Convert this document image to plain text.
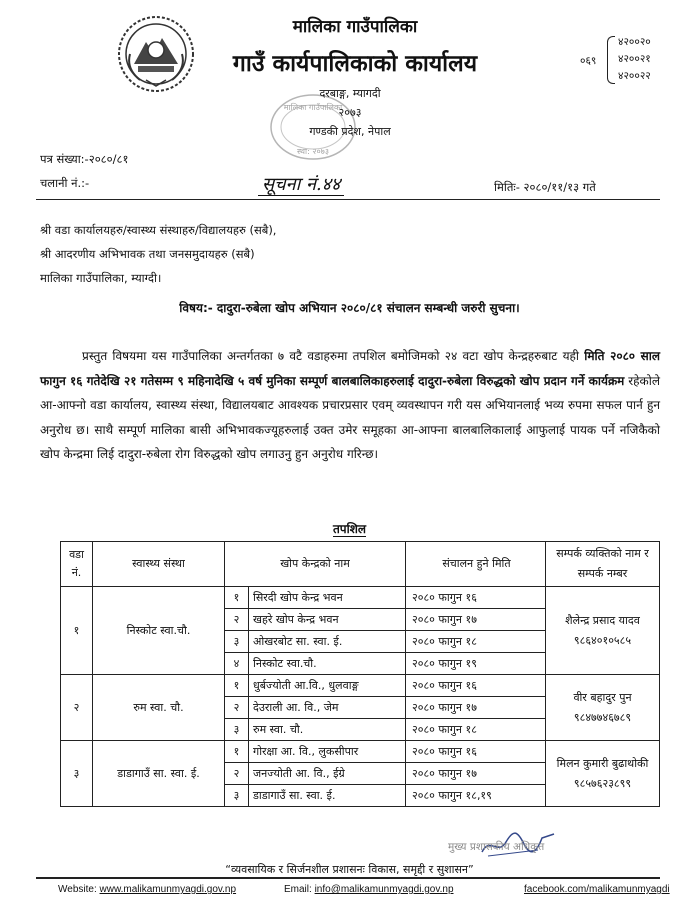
मालिका गाउँपालिका
गाउँ कार्यपालिकाको कार्यालय
मालिका गाउँपालिका
स्था: २०७३
दरबाङ्ग, म्यागदी
२०७३
गण्डकी प्रदेश, नेपाल
०६९
४२००२०
४२००२१
४२००२२
पत्र संख्या:-२०८०/८१
चलानी नं.:-	सूचना नं.४४	मितिः- २०८०/११/१३ गते
श्री वडा कार्यालयहरु/स्वास्थ्य संस्थाहरु/विद्यालयहरु (सबै),
श्री आदरणीय अभिभावक तथा जनसमुदायहरु (सबै)
मालिका गाउँपालिका, म्याग्दी।
विषय:- दादुरा-रुबेला खोप अभियान २०८०/८१ संचालन सम्बन्धी जरुरी सुचना।
प्रस्तुत विषयमा यस गाउँपालिका अन्तर्गतका ७ वटै वडाहरुमा तपशिल बमोजिमको २४ वटा खोप केन्द्रहरुबाट यही मिति २०८० साल फागुन १६ गतेदेखि २१ गतेसम्म ९ महिनादेखि ५ वर्ष मुनिका सम्पूर्ण बालबालिकाहरुलाई दादुरा-रुबेला विरुद्धको खोप प्रदान गर्ने कार्यक्रम रहेकोले आ-आफ्नो वडा कार्यालय, स्वास्थ्य संस्था, विद्यालयबाट आवश्यक प्रचारप्रसार एवम् व्यवस्थापन गरी यस अभियानलाई भव्य रुपमा सफल पार्न हुन अनुरोध छ। साथै सम्पूर्ण मालिका बासी अभिभावकज्यूहरुलाई उक्त उमेर समूहका आ-आफ्ना बालबालिकालाई आफुलाई पायक पर्ने नजिकैको खोप केन्द्रमा लिई दादुरा-रुबेला रोग विरुद्धको खोप लगाउनु हुन अनुरोध गरिन्छ।
तपशिल
वडा नं.	स्वास्थ्य संस्था	खोप केन्द्रको नाम		संचालन हुने मिति	सम्पर्क व्यक्तिको नाम र सम्पर्क नम्बर
१	निस्कोट स्वा.चौ.	१	सिरदी खोप केन्द्र भवन	२०८० फागुन १६	शैलेन्द्र प्रसाद यादव
९८६४०१०५८५

		२	खहरे खोप केन्द्र भवन	२०८० फागुन १७	
		३	ओखरबोट सा. स्वा. ई.	२०८० फागुन १८	
		४	निस्कोट स्वा.चौ.	२०८० फागुन १९	
२	रुम स्वा. चौ.	१	धुर्बज्योती आ.वि., धुलवाङ्ग	२०८० फागुन १६	वीर बहादुर पुन
९८४७७४६७८९

		२	देउराली आ. वि., जेम	२०८० फागुन १७	
		३	रुम स्वा. चौ.	२०८० फागुन १८	
३	डाडागाउँ सा. स्वा. ई.	१	गोरक्षा आ. वि., लुकसीपार	२०८० फागुन १६	मिलन कुमारी बुढाथोकी
९८५७६२३८९९

		२	जनज्योती आ. वि., ईग्रे	२०८० फागुन १७	
		३	डाडागाउँ सा. स्वा. ई.	२०८० फागुन १८,१९	
मुख्य प्रशासकीय अधिकृत
“व्यवसायिक र सिर्जनशील प्रशासनः विकास, समृद्दी र सुशासन”
Website: www.malikamunmyagdi.gov.np	Email: info@malikamunmyagdi.gov.np	facebook.com/malikamunmyagdi
